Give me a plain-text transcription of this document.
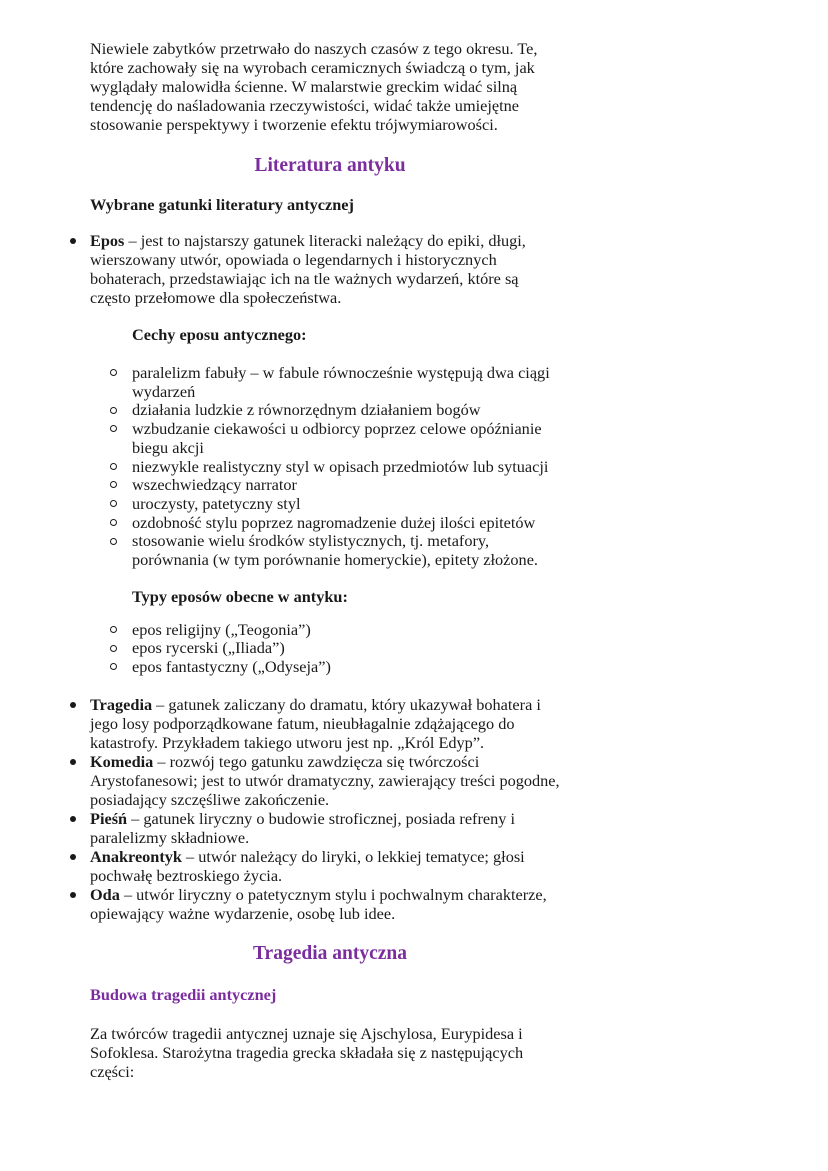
Niewiele zabytków przetrwało do naszych czasów z tego okresu. Te, które zachowały się na wyrobach ceramicznych świadczą o tym, jak wyglądały malowidła ścienne. W malarstwie greckim widać silną tendencję do naśladowania rzeczywistości, widać także umiejętne stosowanie perspektywy i tworzenie efektu trójwymiarowości.

Literatura antyku
Wybrane gatunki literatury antycznej
Epos – jest to najstarszy gatunek literacki należący do epiki, długi, wierszowany utwór, opowiada o legendarnych i historycznych bohaterach, przedstawiając ich na tle ważnych wydarzeń, które są często przełomowe dla społeczeństwa.
Cechy eposu antycznego:
paralelizm fabuły – w fabule równocześnie występują dwa ciągi wydarzeń
działania ludzkie z równorzędnym działaniem bogów
wzbudzanie ciekawości u odbiorcy poprzez celowe opóźnianie biegu akcji
niezwykle realistyczny styl w opisach przedmiotów lub sytuacji
wszechwiedzący narrator
uroczysty, patetyczny styl
ozdobność stylu poprzez nagromadzenie dużej ilości epitetów
stosowanie wielu środków stylistycznych, tj. metafory, porównania (w tym porównanie homeryckie), epitety złożone.
Typy eposów obecne w antyku:
epos religijny („Teogonia”)
epos rycerski („Iliada”)
epos fantastyczny („Odyseja”)
Tragedia – gatunek zaliczany do dramatu, który ukazywał bohatera i jego losy podporządkowane fatum, nieubłagalnie zdążającego do katastrofy. Przykładem takiego utworu jest np. „Król Edyp”.
Komedia – rozwój tego gatunku zawdzięcza się twórczości Arystofanesowi; jest to utwór dramatyczny, zawierający treści pogodne, posiadający szczęśliwe zakończenie.
Pieśń – gatunek liryczny o budowie stroficznej, posiada refreny i paralelizmy składniowe.
Anakreontyk – utwór należący do liryki, o lekkiej tematyce; głosi pochwałę beztroskiego życia.
Oda – utwór liryczny o patetycznym stylu i pochwalnym charakterze, opiewający ważne wydarzenie, osobę lub idee.
Tragedia antyczna
Budowa tragedii antycznej

Za twórców tragedii antycznej uznaje się Ajschylosa, Eurypidesa i Sofoklesa. Starożytna tragedia grecka składała się z następujących części:
